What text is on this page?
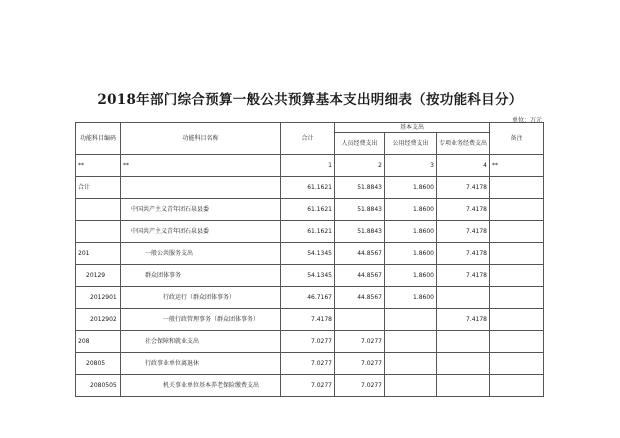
2018年部门综合预算一般公共预算基本支出明细表（按功能科目分）
单位：万元
功能科目编码	功能科目名称	合计	基本支出			备注
			人员经费支出	公用经费支出	专项业务经费支出	

**	**	1	2	3	4	**
合计		61.1621	51.8843	1.8600	7.4178	
	中国共产主义青年团石泉县委	61.1621	51.8843	1.8600	7.4178	
	中国共产主义青年团石泉县委	61.1621	51.8843	1.8600	7.4178	
201	一般公共服务支出	54.1345	44.8567	1.8600	7.4178	
20129	群众团体事务	54.1345	44.8567	1.8600	7.4178	
2012901	行政运行（群众团体事务）	46.7167	44.8567	1.8600		
2012902	一般行政管理事务（群众团体事务）	7.4178			7.4178	
208	社会保障和就业支出	7.0277	7.0277			
20805	行政事业单位离退休	7.0277	7.0277			
2080505	机关事业单位基本养老保险缴费支出	7.0277	7.0277			
